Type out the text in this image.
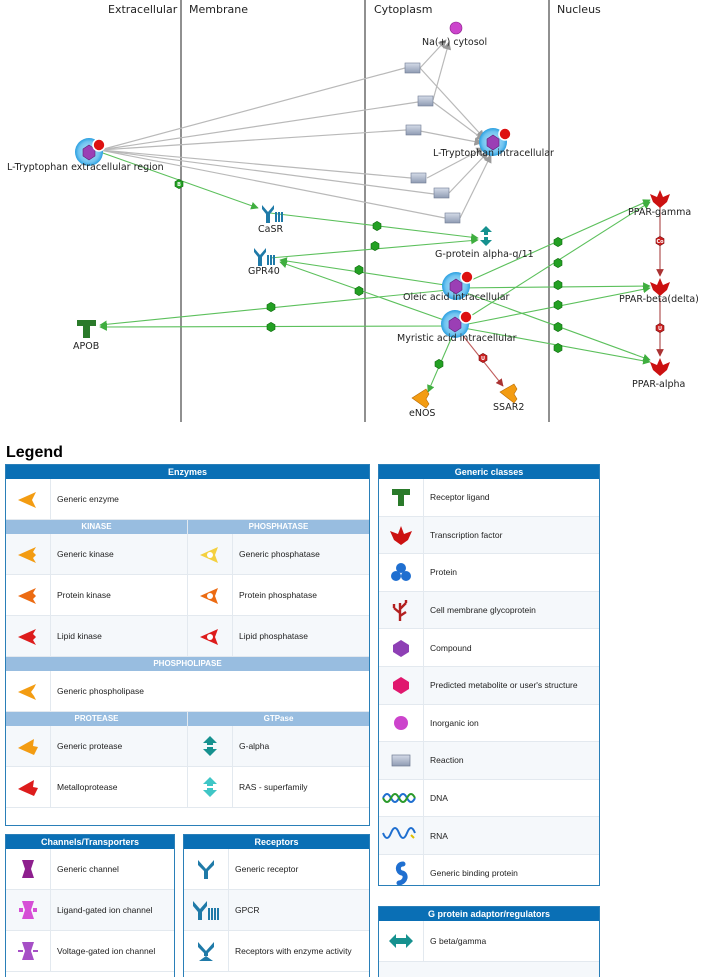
Extracellular Membrane	Cytoplasm	Nucleus
B
U
Co
U
L-Tryptophan extracellular region
L-Tryptophan intracellular
Na(+) cytosol
CaSR
GPR40
G-protein alpha-q/11
Oleic acid intracellular
Myristic acid intracellular
APOB
eNOS
SSAR2
PPAR-gamma
PPAR-beta(delta)
PPAR-alpha
Legend
Enzymes
Generic enzyme
KINASE
Generic kinase
Protein kinase
Lipid kinase
PHOSPHATASE
Generic phosphatase
Protein phosphatase
Lipid phosphatase
PHOSPHOLIPASE
Generic phospholipase
PROTEASE
Generic protease
Metalloprotease
GTPase
G-alpha
RAS - superfamily
Channels/Transporters
Generic channel
Ligand-gated ion channel
Voltage-gated ion channel
Receptors
Generic receptor
GPCR
Receptors with enzyme activity
Generic classes
Receptor ligand
Transcription factor
Protein
Cell membrane glycoprotein
Compound
Predicted metabolite or user's structure
Inorganic ion
Reaction
DNA
RNA
Generic binding protein
G protein adaptor/regulators
G beta/gamma
